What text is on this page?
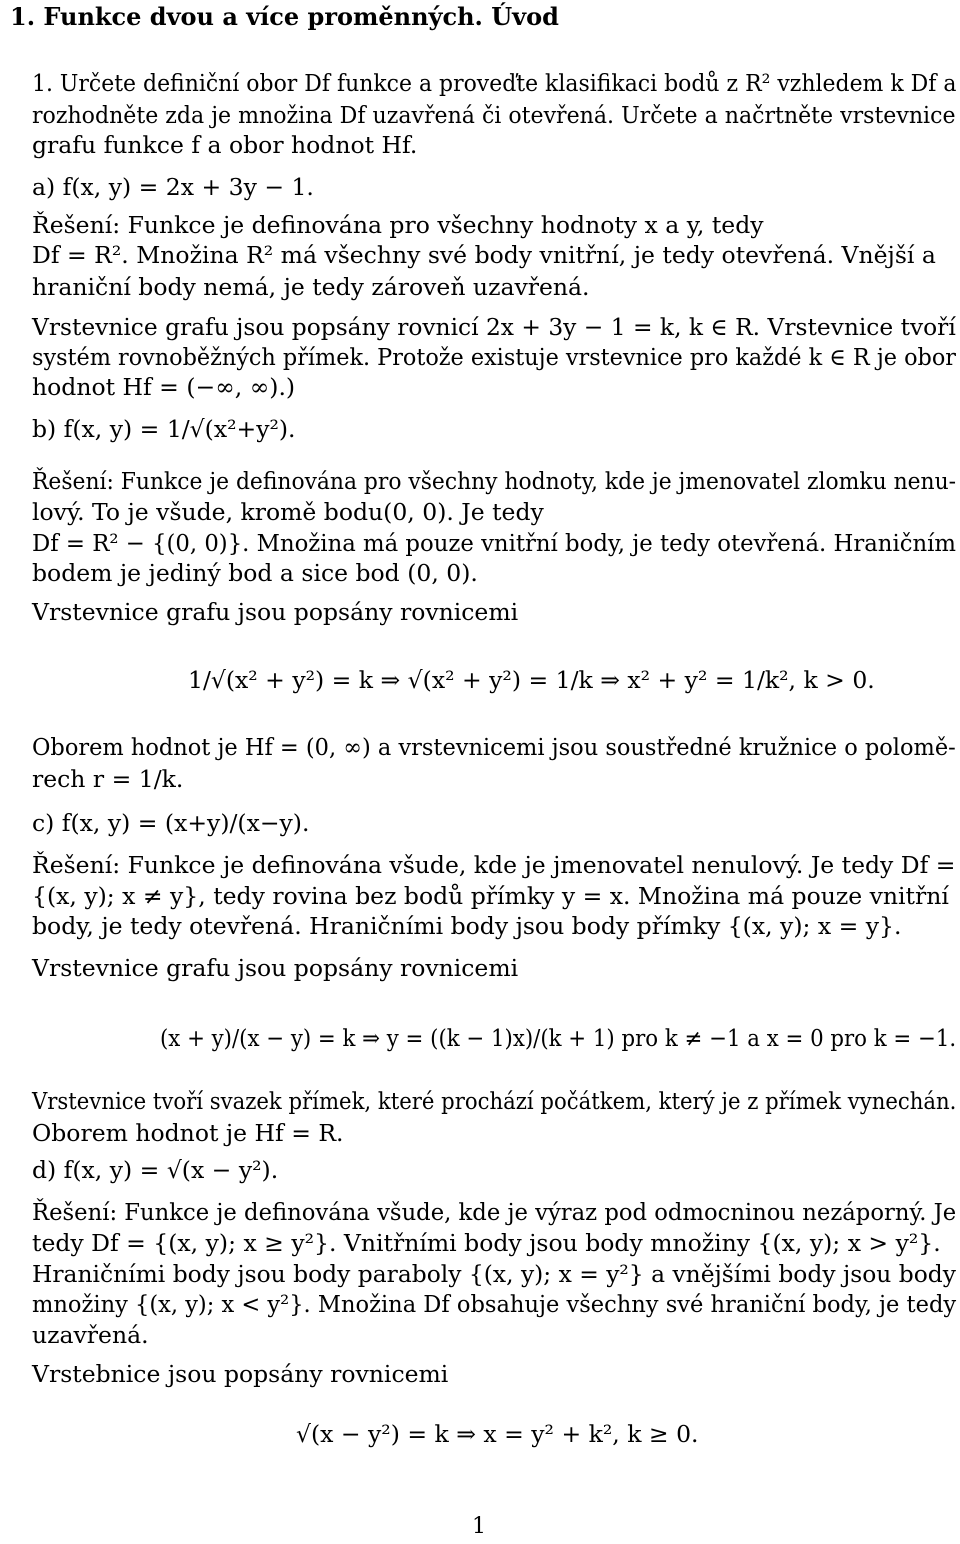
1. Funkce dvou a více proměnných. Úvod
1. Určete definiční obor Df funkce a proveďte klasifikaci bodů z R² vzhledem k Df a
rozhodněte zda je množina Df uzavřená či otevřená. Určete a načrtněte vrstevnice
grafu funkce f a obor hodnot Hf.
a) f(x, y) = 2x + 3y − 1.
Řešení: Funkce je definována pro všechny hodnoty x a y, tedy
Df = R². Množina R² má všechny své body vnitřní, je tedy otevřená. Vnější a
hraniční body nemá, je tedy zároveň uzavřená.
Vrstevnice grafu jsou popsány rovnicí 2x + 3y − 1 = k, k ∈ R. Vrstevnice tvoří
systém rovnoběžných přímek. Protože existuje vrstevnice pro každé k ∈ R je obor
hodnot Hf = (−∞, ∞).)
b) f(x, y) = 1/√(x²+y²).
Řešení: Funkce je definována pro všechny hodnoty, kde je jmenovatel zlomku nenu-
lový. To je všude, kromě bodu(0, 0). Je tedy
Df = R² − {(0, 0)}. Množina má pouze vnitřní body, je tedy otevřená. Hraničním
bodem je jediný bod a sice bod (0, 0).
Vrstevnice grafu jsou popsány rovnicemi
1/√(x² + y²) = k ⇒ √(x² + y²) = 1/k ⇒ x² + y² = 1/k², k > 0.
Oborem hodnot je Hf = (0, ∞) a vrstevnicemi jsou soustředné kružnice o polomě-
rech r = 1/k.
c) f(x, y) = (x+y)/(x−y).
Řešení: Funkce je definována všude, kde je jmenovatel nenulový. Je tedy Df =
{(x, y); x ≠ y}, tedy rovina bez bodů přímky y = x. Množina má pouze vnitřní
body, je tedy otevřená. Hraničními body jsou body přímky {(x, y); x = y}.
Vrstevnice grafu jsou popsány rovnicemi
(x + y)/(x − y) = k ⇒ y = ((k − 1)x)/(k + 1) pro k ≠ −1 a x = 0 pro k = −1.
Vrstevnice tvoří svazek přímek, které prochází počátkem, který je z přímek vynechán.
Oborem hodnot je Hf = R.
d) f(x, y) = √(x − y²).
Řešení: Funkce je definována všude, kde je výraz pod odmocninou nezáporný. Je
tedy Df = {(x, y); x ≥ y²}. Vnitřními body jsou body množiny {(x, y); x > y²}.
Hraničními body jsou body paraboly {(x, y); x = y²} a vnějšími body jsou body
množiny {(x, y); x < y²}. Množina Df obsahuje všechny své hraniční body, je tedy
uzavřená.
Vrstebnice jsou popsány rovnicemi
√(x − y²) = k ⇒ x = y² + k², k ≥ 0.
1
